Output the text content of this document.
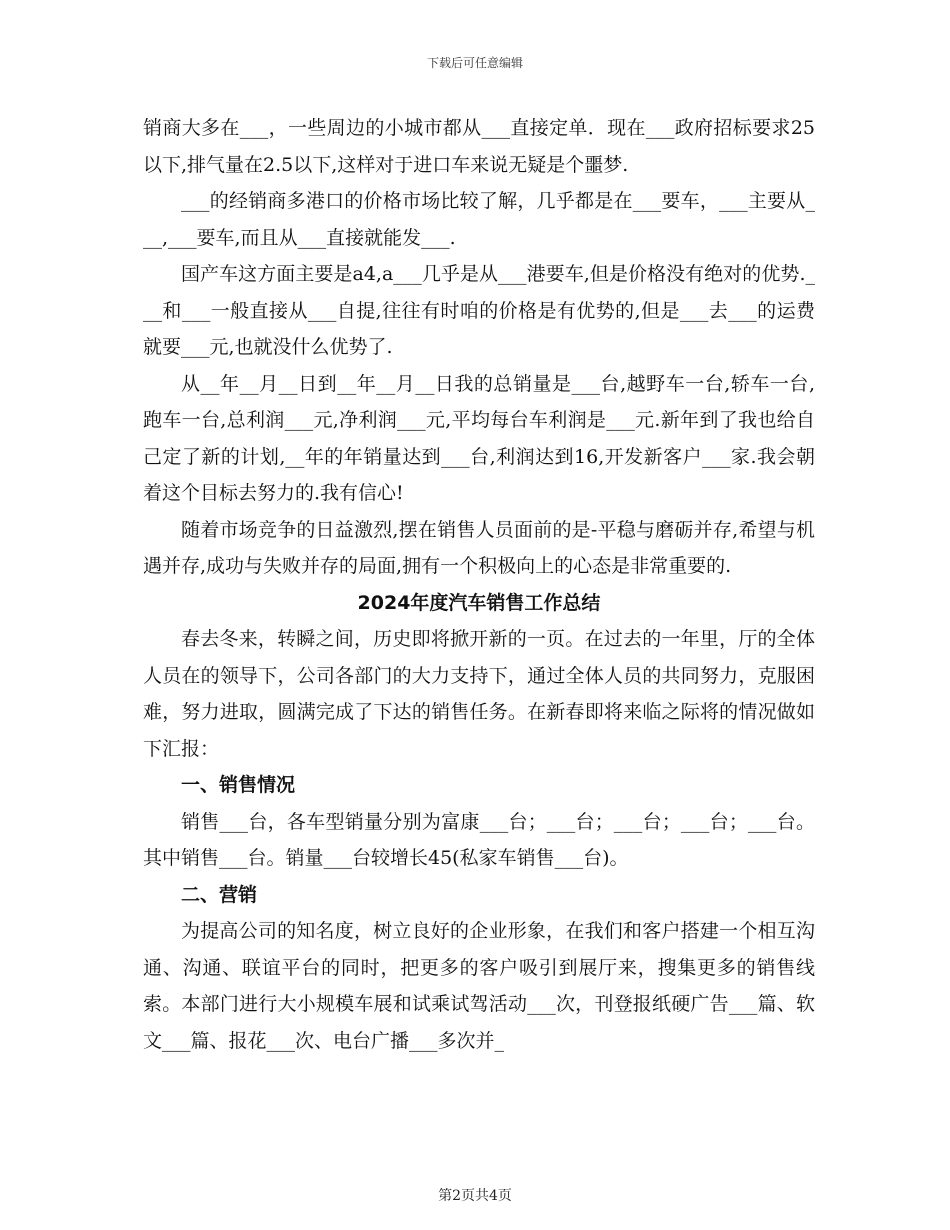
下载后可任意编辑

销商大多在___，一些周边的小城市都从___直接定单．现在___政府招标要求25以下,排气量在2.5以下,这样对于进口车来说无疑是个噩梦.

___的经销商多港口的价格市场比较了解，几乎都是在___要车，___主要从___,___要车,而且从___直接就能发___.

国产车这方面主要是a4,a___几乎是从___港要车,但是价格没有绝对的优势.___和___一般直接从___自提,往往有时咱的价格是有优势的,但是___去___的运费就要___元,也就没什么优势了.

从__年__月__日到__年__月__日我的总销量是___台,越野车一台,轿车一台,跑车一台,总利润___元,净利润___元,平均每台车利润是___元.新年到了我也给自己定了新的计划,__年的年销量达到___台,利润达到16,开发新客户___家.我会朝着这个目标去努力的.我有信心!

随着市场竞争的日益激烈,摆在销售人员面前的是-平稳与磨砺并存,希望与机遇并存,成功与失败并存的局面,拥有一个积极向上的心态是非常重要的.

2024年度汽车销售工作总结

春去冬来，转瞬之间，历史即将掀开新的一页。在过去的一年里，厅的全体人员在的领导下，公司各部门的大力支持下，通过全体人员的共同努力，克服困难，努力进取，圆满完成了下达的销售任务。在新春即将来临之际将的情况做如下汇报：

一、销售情况

销售___台，各车型销量分别为富康___台；___台；___台；___台；___台。其中销售___台。销量___台较增长45(私家车销售___台)。

二、营销

为提高公司的知名度，树立良好的企业形象，在我们和客户搭建一个相互沟通、沟通、联谊平台的同时，把更多的客户吸引到展厅来，搜集更多的销售线索。本部门进行大小规模车展和试乘试驾活动___次，刊登报纸硬广告___篇、软文___篇、报花___次、电台广播___多次并_

第2页共4页
